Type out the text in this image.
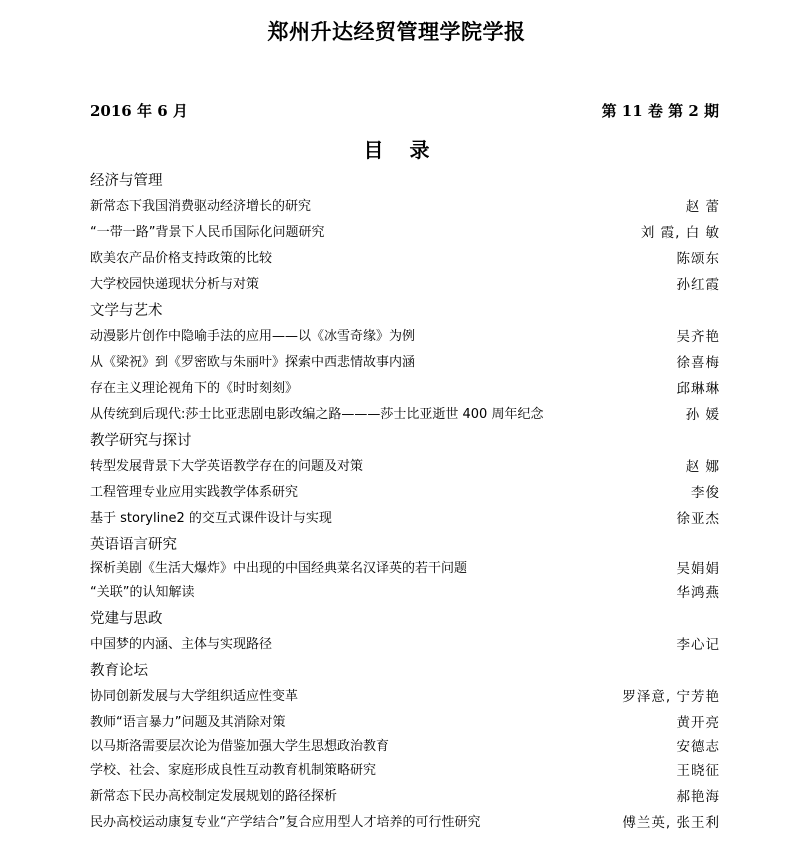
郑州升达经贸管理学院学报
2016 年 6 月	第 11 卷 第 2 期
目录
经济与管理
新常态下我国消费驱动经济增长的研究	赵 蕾
“一带一路”背景下人民币国际化问题研究	刘 霞, 白 敏
欧美农产品价格支持政策的比较	陈颂东
大学校园快递现状分析与对策	孙红霞
文学与艺术
动漫影片创作中隐喻手法的应用——以《冰雪奇缘》为例	吴齐艳
从《梁祝》到《罗密欧与朱丽叶》探索中西悲情故事内涵	徐喜梅
存在主义理论视角下的《时时刻刻》	邱琳琳
从传统到后现代:莎士比亚悲剧电影改编之路———莎士比亚逝世 400 周年纪念	孙 媛
教学研究与探讨
转型发展背景下大学英语教学存在的问题及对策	赵 娜
工程管理专业应用实践教学体系研究	李俊
基于 storyline2 的交互式课件设计与实现	徐亚杰
英语语言研究
探析美剧《生活大爆炸》中出现的中国经典菜名汉译英的若干问题	吴娟娟
“关联”的认知解读	华鸿燕
党建与思政
中国梦的内涵、主体与实现路径	李心记
教育论坛
协同创新发展与大学组织适应性变革	罗泽意, 宁芳艳
教师“语言暴力”问题及其消除对策	黄开亮
以马斯洛需要层次论为借鉴加强大学生思想政治教育	安德志
学校、社会、家庭形成良性互动教育机制策略研究	王晓征
新常态下民办高校制定发展规划的路径探析	郝艳海
民办高校运动康复专业“产学结合”复合应用型人才培养的可行性研究	傅兰英, 张王利
